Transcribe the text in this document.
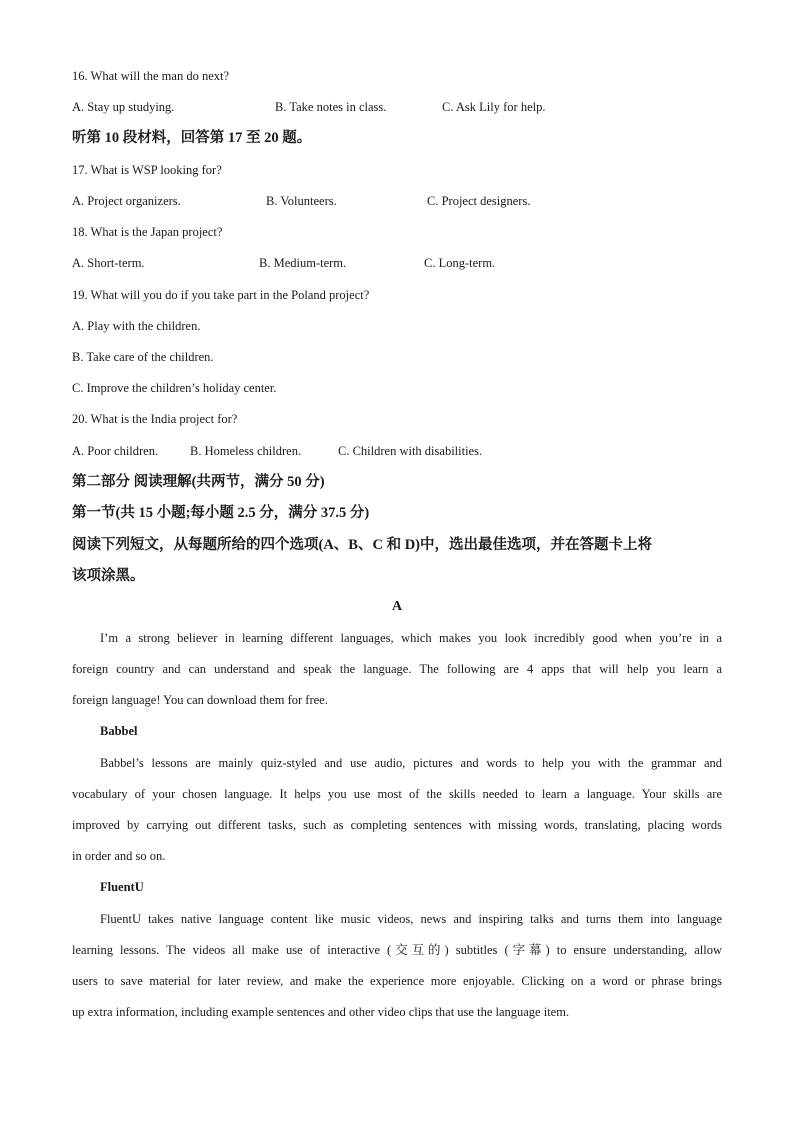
16. What will the man do next?
A. Stay up studying.	B. Take notes in class.	C. Ask Lily for help.
听第 10 段材料，回答第 17 至 20 题。
17. What is WSP looking for?
A. Project organizers.	B. Volunteers.	C. Project designers.
18. What is the Japan project?
A. Short-term.	B. Medium-term.	C. Long-term.
19. What will you do if you take part in the Poland project?
A. Play with the children.
B. Take care of the children.
C. Improve the children’s holiday center.
20. What is the India project for?
A. Poor children.	B. Homeless children.	C. Children with disabilities.
第二部分 阅读理解(共两节，满分 50 分)
第一节(共 15 小题;每小题 2.5 分，满分 37.5 分)
阅读下列短文，从每题所给的四个选项(A、B、C 和 D)中，选出最佳选项，并在答题卡上将
该项涂黑。
A
I’m a strong believer in learning different languages, which makes you look incredibly good when you’re in a
foreign country and can understand and speak the language. The following are 4 apps that will help you learn a
foreign language! You can download them for free.
Babbel
Babbel’s lessons are mainly quiz-styled and use audio, pictures and words to help you with the grammar and
vocabulary of your chosen language. It helps you use most of the skills needed to learn a language. Your skills are
improved by carrying out different tasks, such as completing sentences with missing words, translating, placing words
in order and so on.
FluentU
FluentU takes native language content like music videos, news and inspiring talks and turns them into language
learning lessons. The videos all make use of interactive (交互的) subtitles (字幕) to ensure understanding, allow
users to save material for later review, and make the experience more enjoyable. Clicking on a word or phrase brings
up extra information, including example sentences and other video clips that use the language item.
